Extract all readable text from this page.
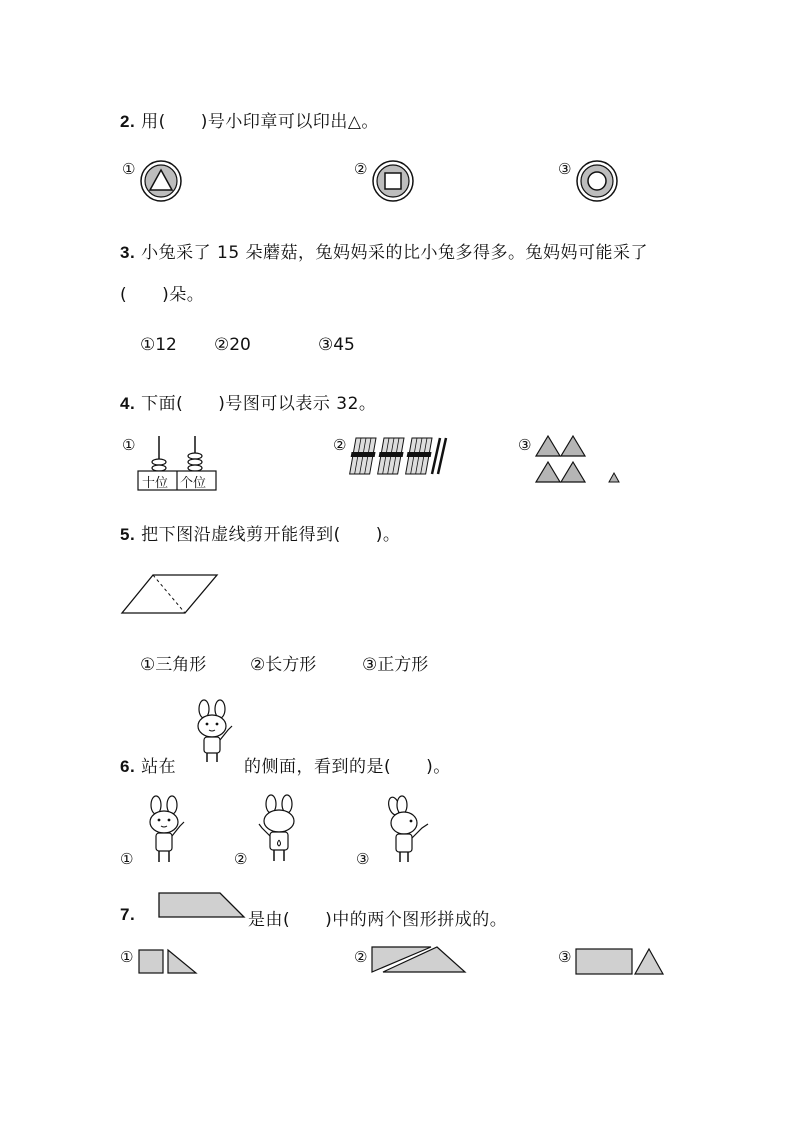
2. 用(　　)号小印章可以印出△。
①	②	③
3. 小兔采了 15 朵蘑菇，兔妈妈采的比小兔多得多。兔妈妈可能采了
(　　)朵。
①12 ②20	③45
4. 下面(　　)号图可以表示 32。
①
十位 个位
②	③
5. 把下图沿虚线剪开能得到(　　)。
①三角形	②长方形	③正方形
6. 站在	的侧面，看到的是(　　)。
①	②	③
7.	是由(　　)中的两个图形拼成的。
①	②	③
